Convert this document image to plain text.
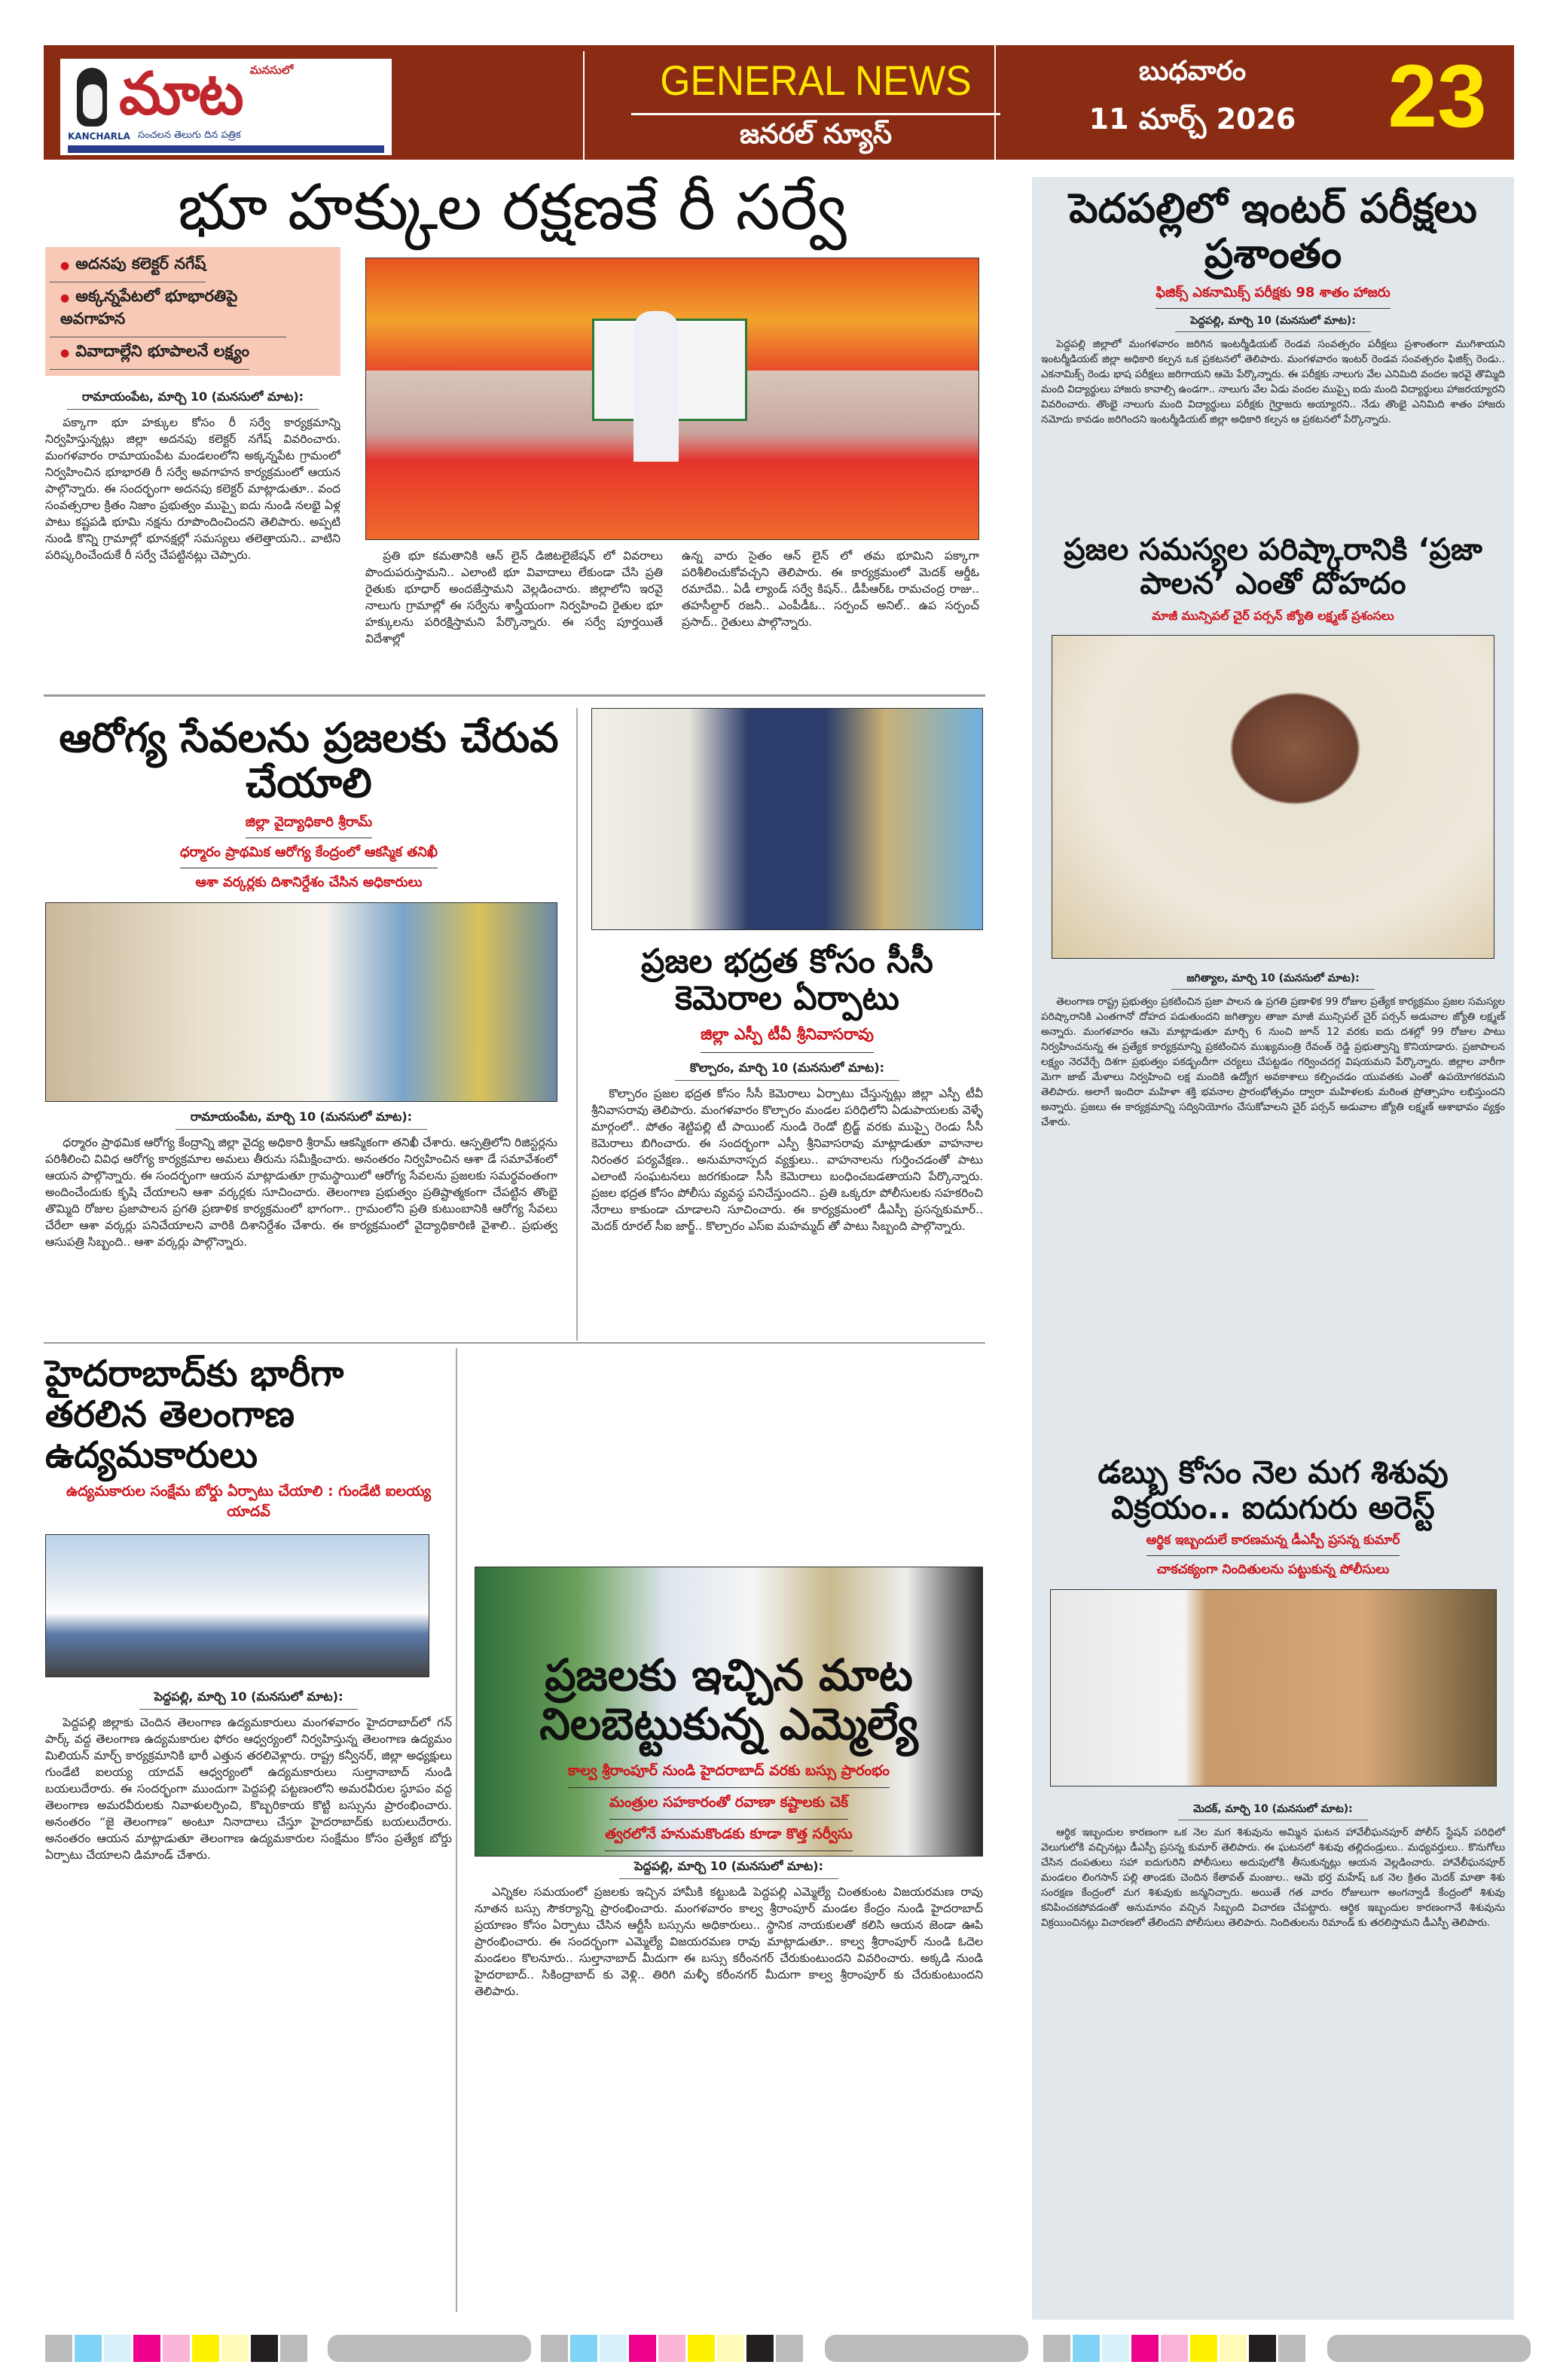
మాట మనసులో
KANCHARLA సంచలన తెలుగు దిన పత్రిక
GENERAL NEWS
జనరల్ న్యూస్
బుధవారం
11 మార్చ్ 2026	23
భూ హక్కుల రక్షణకే రీ సర్వే
● అదనపు కలెక్టర్ నగేష్
● అక్కన్నపేటలో భూభారతిపై అవగాహన
● వివాదాల్లేని భూపాలనే లక్ష్యం
రామాయంపేట, మార్చి 10 (మనసులో మాట):
పక్కాగా భూ హక్కుల కోసం రీ సర్వే కార్యక్రమాన్ని నిర్వహిస్తున్నట్లు జిల్లా అదనపు కలెక్టర్ నగేష్ వివరించారు. మంగళవారం రామాయంపేట మండలంలోని అక్కన్నపేట గ్రామంలో నిర్వహించిన భూభారతి రీ సర్వే అవగాహన కార్యక్రమంలో ఆయన పాల్గొన్నారు. ఈ సందర్భంగా అదనపు కలెక్టర్ మాట్లాడుతూ.. వంద సంవత్సరాల క్రితం నిజాం ప్రభుత్వం ముప్పై ఐదు నుండి నలభై ఏళ్ల పాటు కష్టపడి భూమి నక్షను రూపొందించిందని తెలిపారు. అప్పటి నుండి కొన్ని గ్రామాల్లో భూనక్షల్లో సమస్యలు తలెత్తాయని.. వాటిని పరిష్కరించేందుకే రీ సర్వే చేపట్టినట్లు చెప్పారు.	ప్రతి భూ కమతానికి ఆన్ లైన్ డిజిటలైజేషన్ లో వివరాలు పొందుపరుస్తామని.. ఎలాంటి భూ వివాదాలు లేకుండా చేసి ప్రతి రైతుకు భూధార్ అందజేస్తామని వెల్లడించారు. జిల్లాలోని ఇరవై నాలుగు గ్రామాల్లో ఈ సర్వేను శాస్త్రీయంగా నిర్వహించి రైతుల భూ హక్కులను పరిరక్షిస్తామని పేర్కొన్నారు. ఈ సర్వే పూర్తయితే విదేశాల్లో
ఉన్న వారు సైతం ఆన్ లైన్ లో తమ భూమిని పక్కాగా పరిశీలించుకోవచ్చని తెలిపారు. ఈ కార్యక్రమంలో మెదక్ ఆర్డీఓ రమాదేవి.. ఏడీ ల్యాండ్ సర్వే కిషన్.. డీపీఆర్ఓ రామచంద్ర రాజు.. తహసీల్దార్ రజనీ.. ఎంపీడీఓ.. సర్పంచ్ అనిల్.. ఉప సర్పంచ్ ప్రసాద్.. రైతులు పాల్గొన్నారు.
ఆరోగ్య సేవలను ప్రజలకు చేరువ చేయాలి
జిల్లా వైద్యాధికారి శ్రీరామ్
ధర్మారం ప్రాథమిక ఆరోగ్య కేంద్రంలో ఆకస్మిక తనిఖీ
ఆశా వర్కర్లకు దిశానిర్దేశం చేసిన అధికారులు
రామాయంపేట, మార్చి 10 (మనసులో మాట):
ధర్మారం ప్రాథమిక ఆరోగ్య కేంద్రాన్ని జిల్లా వైద్య అధికారి శ్రీరామ్ ఆకస్మికంగా తనిఖీ చేశారు. ఆస్పత్రిలోని రిజిస్టర్లను పరిశీలించి వివిధ ఆరోగ్య కార్యక్రమాల అమలు తీరును సమీక్షించారు. అనంతరం నిర్వహించిన ఆశా డే సమావేశంలో ఆయన పాల్గొన్నారు. ఈ సందర్భంగా ఆయన మాట్లాడుతూ గ్రామస్థాయిలో ఆరోగ్య సేవలను ప్రజలకు సమర్థవంతంగా అందించేందుకు కృషి చేయాలని ఆశా వర్కర్లకు సూచించారు. తెలంగాణ ప్రభుత్వం ప్రతిష్టాత్మకంగా చేపట్టిన తొంభై తొమ్మిది రోజుల ప్రజాపాలన ప్రగతి ప్రణాళిక కార్యక్రమంలో భాగంగా.. గ్రామంలోని ప్రతి కుటుంబానికి ఆరోగ్య సేవలు చేరేలా ఆశా వర్కర్లు పనిచేయాలని వారికి దిశానిర్దేశం చేశారు. ఈ కార్యక్రమంలో వైద్యాధికారిణి వైశాలి.. ప్రభుత్వ ఆసుపత్రి సిబ్బంది.. ఆశా వర్కర్లు పాల్గొన్నారు.
ప్రజల భద్రత కోసం సీసీ కెమెరాల ఏర్పాటు
జిల్లా ఎస్పీ టీవీ శ్రీనివాసరావు
కొల్చారం, మార్చి 10 (మనసులో మాట):
కొల్చారం ప్రజల భద్రత కోసం సీసీ కెమెరాలు ఏర్పాటు చేస్తున్నట్లు జిల్లా ఎస్పీ టీవీ శ్రీనివాసరావు తెలిపారు. మంగళవారం కొల్చారం మండల పరిధిలోని ఏడుపాయలకు వెళ్ళే మార్గంలో.. పోతం శెట్టిపల్లి టీ పాయింట్ నుండి రెండో బ్రిడ్జ్ వరకు ముప్పై రెండు సీసీ కెమెరాలు బిగించారు. ఈ సందర్భంగా ఎస్పీ శ్రీనివాసరావు మాట్లాడుతూ వాహనాల నిరంతర పర్యవేక్షణ.. అనుమానాస్పద వ్యక్తులు.. వాహనాలను గుర్తించడంతో పాటు ఎలాంటి సంఘటనలు జరగకుండా సీసీ కెమెరాలు బంధించబడతాయని పేర్కొన్నారు. ప్రజల భద్రత కోసం పోలీసు వ్యవస్థ పనిచేస్తుందని.. ప్రతి ఒక్కరూ పోలీసులకు సహకరించి నేరాలు కాకుండా చూడాలని సూచించారు. ఈ కార్యక్రమంలో డీఎస్పీ ప్రసన్నకుమార్.. మెదక్ రూరల్ సీఐ జార్జ్.. కొల్చారం ఎస్ఐ మహమ్మద్ తో పాటు సిబ్బంది పాల్గొన్నారు.
హైదరాబాద్‌కు భారీగా తరలిన తెలంగాణ ఉద్యమకారులు
ఉద్యమకారుల సంక్షేమ బోర్డు ఏర్పాటు చేయాలి : గుండేటి ఐలయ్య యాదవ్
పెద్దపల్లి, మార్చి 10 (మనసులో మాట):
పెద్దపల్లి జిల్లాకు చెందిన తెలంగాణ ఉద్యమకారులు మంగళవారం హైదరాబాద్‌లో గన్ పార్క్ వద్ద తెలంగాణ ఉద్యమకారుల ఫోరం ఆధ్వర్యంలో నిర్వహిస్తున్న తెలంగాణ ఉద్యమం మిలియన్ మార్చ్ కార్యక్రమానికి భారీ ఎత్తున తరలివెళ్లారు. రాష్ట్ర కన్వీనర్, జిల్లా అధ్యక్షులు గుండేటి ఐలయ్య యాదవ్ ఆధ్వర్యంలో ఉద్యమకారులు సుల్తానాబాద్ నుండి బయలుదేరారు. ఈ సందర్భంగా ముందుగా పెద్దపల్లి పట్టణంలోని అమరవీరుల స్థూపం వద్ద తెలంగాణ అమరవీరులకు నివాళులర్పించి, కొబ్బరికాయ కొట్టి బస్సును ప్రారంభించారు. అనంతరం “జై తెలంగాణ” అంటూ నినాదాలు చేస్తూ హైదరాబాద్‌కు బయలుదేరారు. అనంతరం ఆయన మాట్లాడుతూ తెలంగాణ ఉద్యమకారుల సంక్షేమం కోసం ప్రత్యేక బోర్డు ఏర్పాటు చేయాలని డిమాండ్ చేశారు.
ప్రజలకు ఇచ్చిన మాట నిలబెట్టుకున్న ఎమ్మెల్యే
కాల్వ శ్రీరాంపూర్ నుండి హైదరాబాద్ వరకు బస్సు ప్రారంభం
మంత్రుల సహకారంతో రవాణా కష్టాలకు చెక్
త్వరలోనే హనుమకొండకు కూడా కొత్త సర్వీసు
పెద్దపల్లి, మార్చి 10 (మనసులో మాట):
ఎన్నికల సమయంలో ప్రజలకు ఇచ్చిన హామీకి కట్టుబడి పెద్దపల్లి ఎమ్మెల్యే చింతకుంట విజయరమణ రావు నూతన బస్సు సౌకర్యాన్ని ప్రారంభించారు. మంగళవారం కాల్వ శ్రీరాంపూర్ మండల కేంద్రం నుండి హైదరాబాద్ ప్రయాణం కోసం ఏర్పాటు చేసిన ఆర్టీసీ బస్సును అధికారులు.. స్థానిక నాయకులతో కలిసి ఆయన జెండా ఊపి ప్రారంభించారు. ఈ సందర్భంగా ఎమ్మెల్యే విజయరమణ రావు మాట్లాడుతూ.. కాల్వ శ్రీరాంపూర్ నుండి ఓదెల మండలం కొలనూరు.. సుల్తానాబాద్ మీదుగా ఈ బస్సు కరీంనగర్ చేరుకుంటుందని వివరించారు. అక్కడి నుండి హైదరాబాద్.. సికింద్రాబాద్ కు వెళ్లి.. తిరిగి మళ్ళీ కరీంనగర్ మీదుగా కాల్వ శ్రీరాంపూర్ కు చేరుకుంటుందని తెలిపారు.
పెదపల్లిలో ఇంటర్ పరీక్షలు ప్రశాంతం
ఫిజిక్స్ ఎకనామిక్స్ పరీక్షకు 98 శాతం హాజరు
పెద్దపల్లి, మార్చి 10 (మనసులో మాట):
పెద్దపల్లి జిల్లాలో మంగళవారం జరిగిన ఇంటర్మీడియట్ రెండవ సంవత్సరం పరీక్షలు ప్రశాంతంగా ముగిశాయని ఇంటర్మీడియట్ జిల్లా అధికారి కల్పన ఒక ప్రకటనలో తెలిపారు. మంగళవారం ఇంటర్ రెండవ సంవత్సరం ఫిజిక్స్ రెండు.. ఎకనామిక్స్ రెండు భాష పరీక్షలు జరిగాయని ఆమె పేర్కొన్నారు. ఈ పరీక్షకు నాలుగు వేల ఎనిమిది వందల ఇరవై తొమ్మిది మంది విద్యార్థులు హాజరు కావాల్సి ఉండగా.. నాలుగు వేల ఏడు వందల ముప్పై ఐదు మంది విద్యార్థులు హాజరయ్యారని వివరించారు. తొంభై నాలుగు మంది విద్యార్థులు పరీక్షకు గైర్హాజరు అయ్యారని.. నేడు తొంభై ఎనిమిది శాతం హాజరు నమోదు కావడం జరిగిందని ఇంటర్మీడియట్ జిల్లా అధికారి కల్పన ఆ ప్రకటనలో పేర్కొన్నారు.
ప్రజల సమస్యల పరిష్కారానికి ‘ప్రజా పాలన’ ఎంతో దోహదం
మాజీ మున్సిపల్ చైర్ పర్సన్ జ్యోతి లక్ష్మణ్ ప్రశంసలు
జగిత్యాల, మార్చి 10 (మనసులో మాట):
తెలంగాణ రాష్ట్ర ప్రభుత్వం ప్రకటించిన ప్రజా పాలన ఉ ప్రగతి ప్రణాళిక 99 రోజుల ప్రత్యేక కార్యక్రమం ప్రజల సమస్యల పరిష్కారానికి ఎంతగానో దోహద పడుతుందని జగిత్యాల తాజా మాజీ మున్సిపల్ చైర్ పర్సన్ అడువాల జ్యోతి లక్ష్మణ్ అన్నారు. మంగళవారం ఆమె మాట్లాడుతూ మార్చి 6 నుంచి జూన్ 12 వరకు ఐదు దశల్లో 99 రోజుల పాటు నిర్వహించనున్న ఈ ప్రత్యేక కార్యక్రమాన్ని ప్రకటించిన ముఖ్యమంత్రి రేవంత్ రెడ్డి ప్రభుత్వాన్ని కొనియాడారు. ప్రజాపాలన లక్ష్యం నెరవేర్చే దిశగా ప్రభుత్వం పకడ్బందీగా చర్యలు చేపట్టడం గర్వించదగ్గ విషయమని పేర్కొన్నారు. జిల్లాల వారీగా మెగా జాబ్ మేళాలు నిర్వహించి లక్ష మందికి ఉద్యోగ అవకాశాలు కల్పించడం యువతకు ఎంతో ఉపయోగకరమని తెలిపారు. అలాగే ఇందిరా మహిళా శక్తి భవనాల ప్రారంభోత్సవం ద్వారా మహిళలకు మరింత ప్రోత్సాహం లభిస్తుందని అన్నారు. ప్రజలు ఈ కార్యక్రమాన్ని సద్వినియోగం చేసుకోవాలని చైర్ పర్సన్ అడువాల జ్యోతి లక్ష్మణ్ ఆశాభావం వ్యక్తం చేశారు.
డబ్బు కోసం నెల మగ శిశువు విక్రయం.. ఐదుగురు అరెస్ట్
ఆర్థిక ఇబ్బందులే కారణమన్న డీఎస్పీ ప్రసన్న కుమార్
చాకచక్యంగా నిందితులను పట్టుకున్న పోలీసులు
మెదక్, మార్చి 10 (మనసులో మాట):
ఆర్థిక ఇబ్బందుల కారణంగా ఒక నెల మగ శిశువును అమ్మిన ఘటన హావేలీఘనపూర్ పోలీస్ స్టేషన్ పరిధిలో వెలుగులోకి వచ్చినట్లు డీఎస్పీ ప్రసన్న కుమార్ తెలిపారు. ఈ ఘటనలో శిశువు తల్లిదండ్రులు.. మధ్యవర్తులు.. కొనుగోలు చేసిన దంపతులు సహా ఐదుగురిని పోలీసులు అదుపులోకి తీసుకున్నట్లు ఆయన వెల్లడించారు. హావేలీఘనపూర్ మండలం లింగసాన్ పల్లి తాండకు చెందిన కేతావత్ మంజుల.. ఆమె భర్త మహేష్ ఒక నెల క్రితం మెదక్ మాతా శిశు సంరక్షణ కేంద్రంలో మగ శిశువుకు జన్మనిచ్చారు. అయితే గత వారం రోజులుగా అంగన్వాడీ కేంద్రంలో శిశువు కనిపించకపోవడంతో అనుమానం వచ్చిన సిబ్బంది విచారణ చేపట్టారు. ఆర్థిక ఇబ్బందుల కారణంగానే శిశువును విక్రయించినట్లు విచారణలో తేలిందని పోలీసులు తెలిపారు. నిందితులను రిమాండ్ కు తరలిస్తామని డీఎస్పీ తెలిపారు.
